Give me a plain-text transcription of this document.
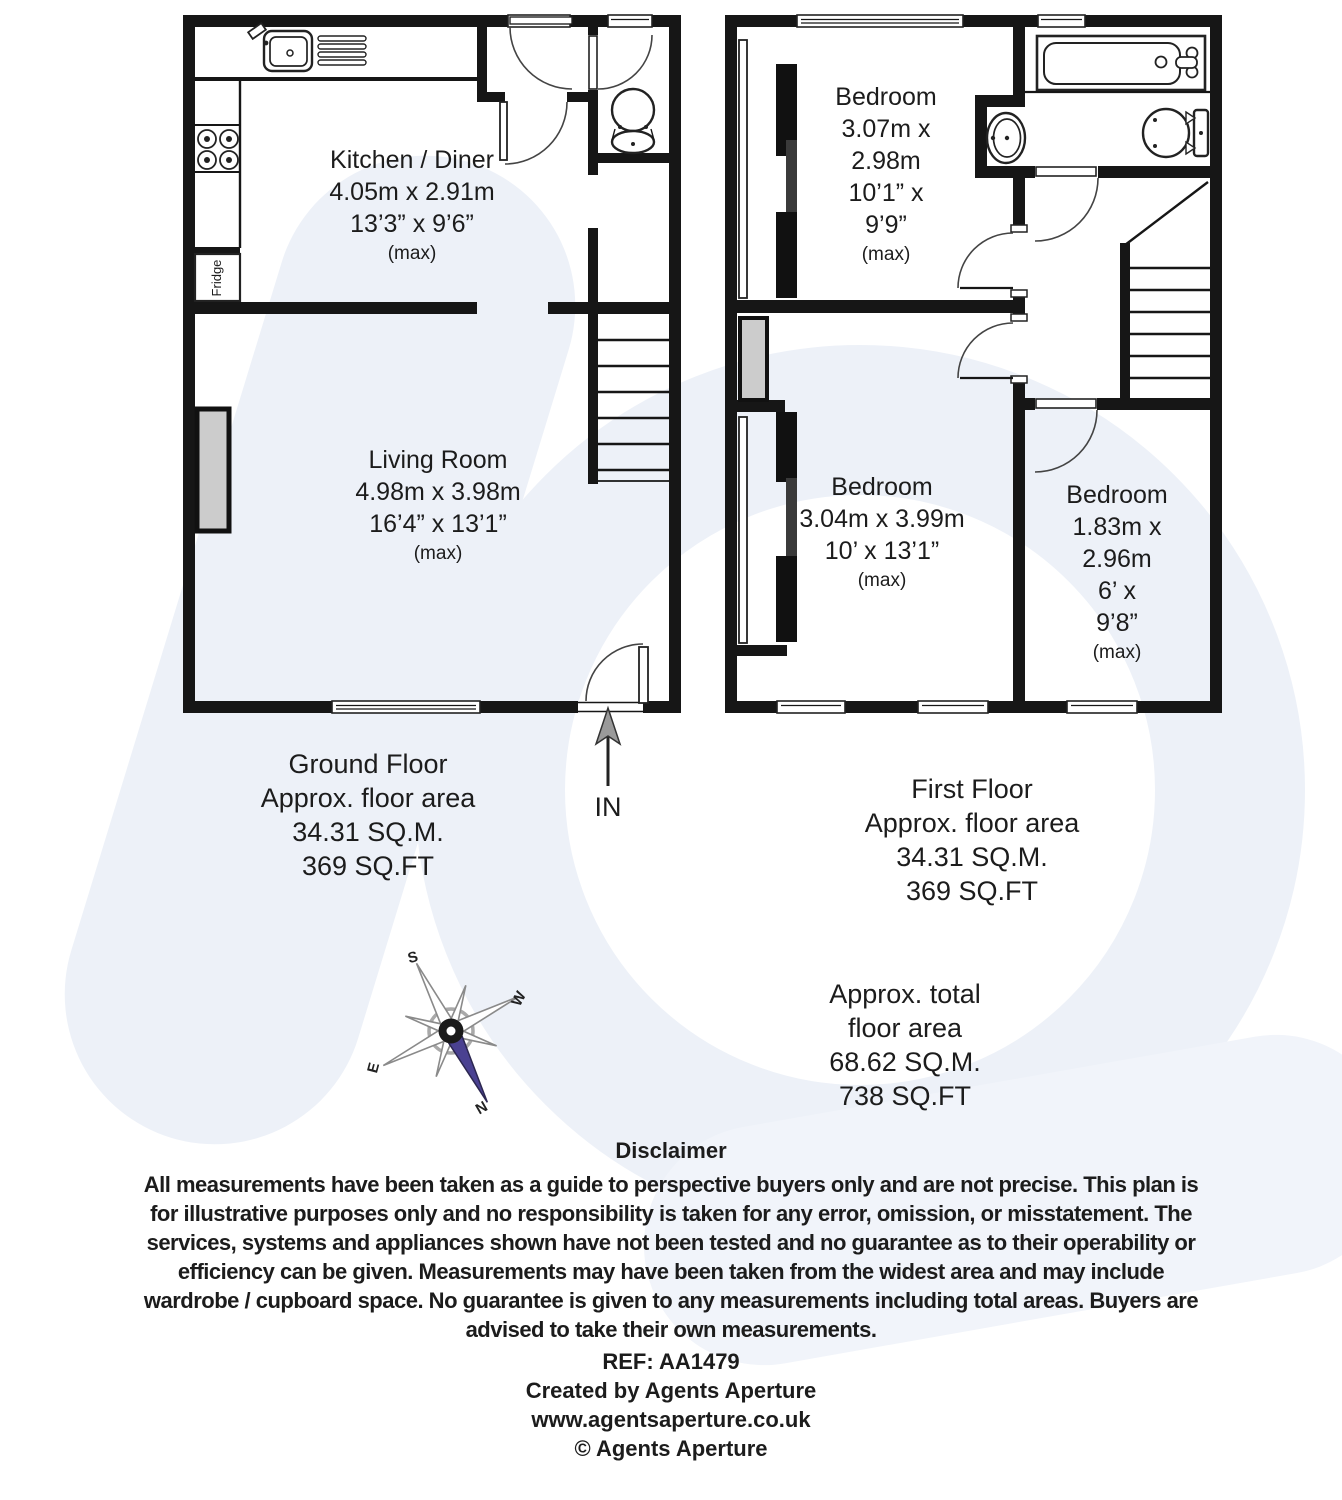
Fridge
Kitchen / Diner
4.05m x 2.91m
13’3” x 9’6”
(max)
Living Room
4.98m x 3.98m
16’4” x 13’1”
(max)
Bedroom
3.07m x
2.98m
10’1” x
9’9”
(max)
Bedroom
3.04m x 3.99m
10’ x 13’1”
(max)
Bedroom
1.83m x
2.96m
6’ x
9’8”
(max)
Ground Floor
Approx. floor area
34.31 SQ.M.
369 SQ.FT
IN
First Floor
Approx. floor area
34.31 SQ.M.
369 SQ.FT
Approx. total
floor area
68.62 SQ.M.
738 SQ.FT
S
W
E
N
Disclaimer
All measurements have been taken as a guide to perspective buyers only and are not precise. This plan is
for illustrative purposes only and no responsibility is taken for any error, omission, or misstatement. The
services, systems and appliances shown have not been tested and no guarantee as to their operability or
efficiency can be given. Measurements may have been taken from the widest area and may include
wardrobe / cupboard space. No guarantee is given to any measurements including total areas. Buyers are
advised to take their own measurements.
REF: AA1479
Created by Agents Aperture
www.agentsaperture.co.uk
© Agents Aperture
